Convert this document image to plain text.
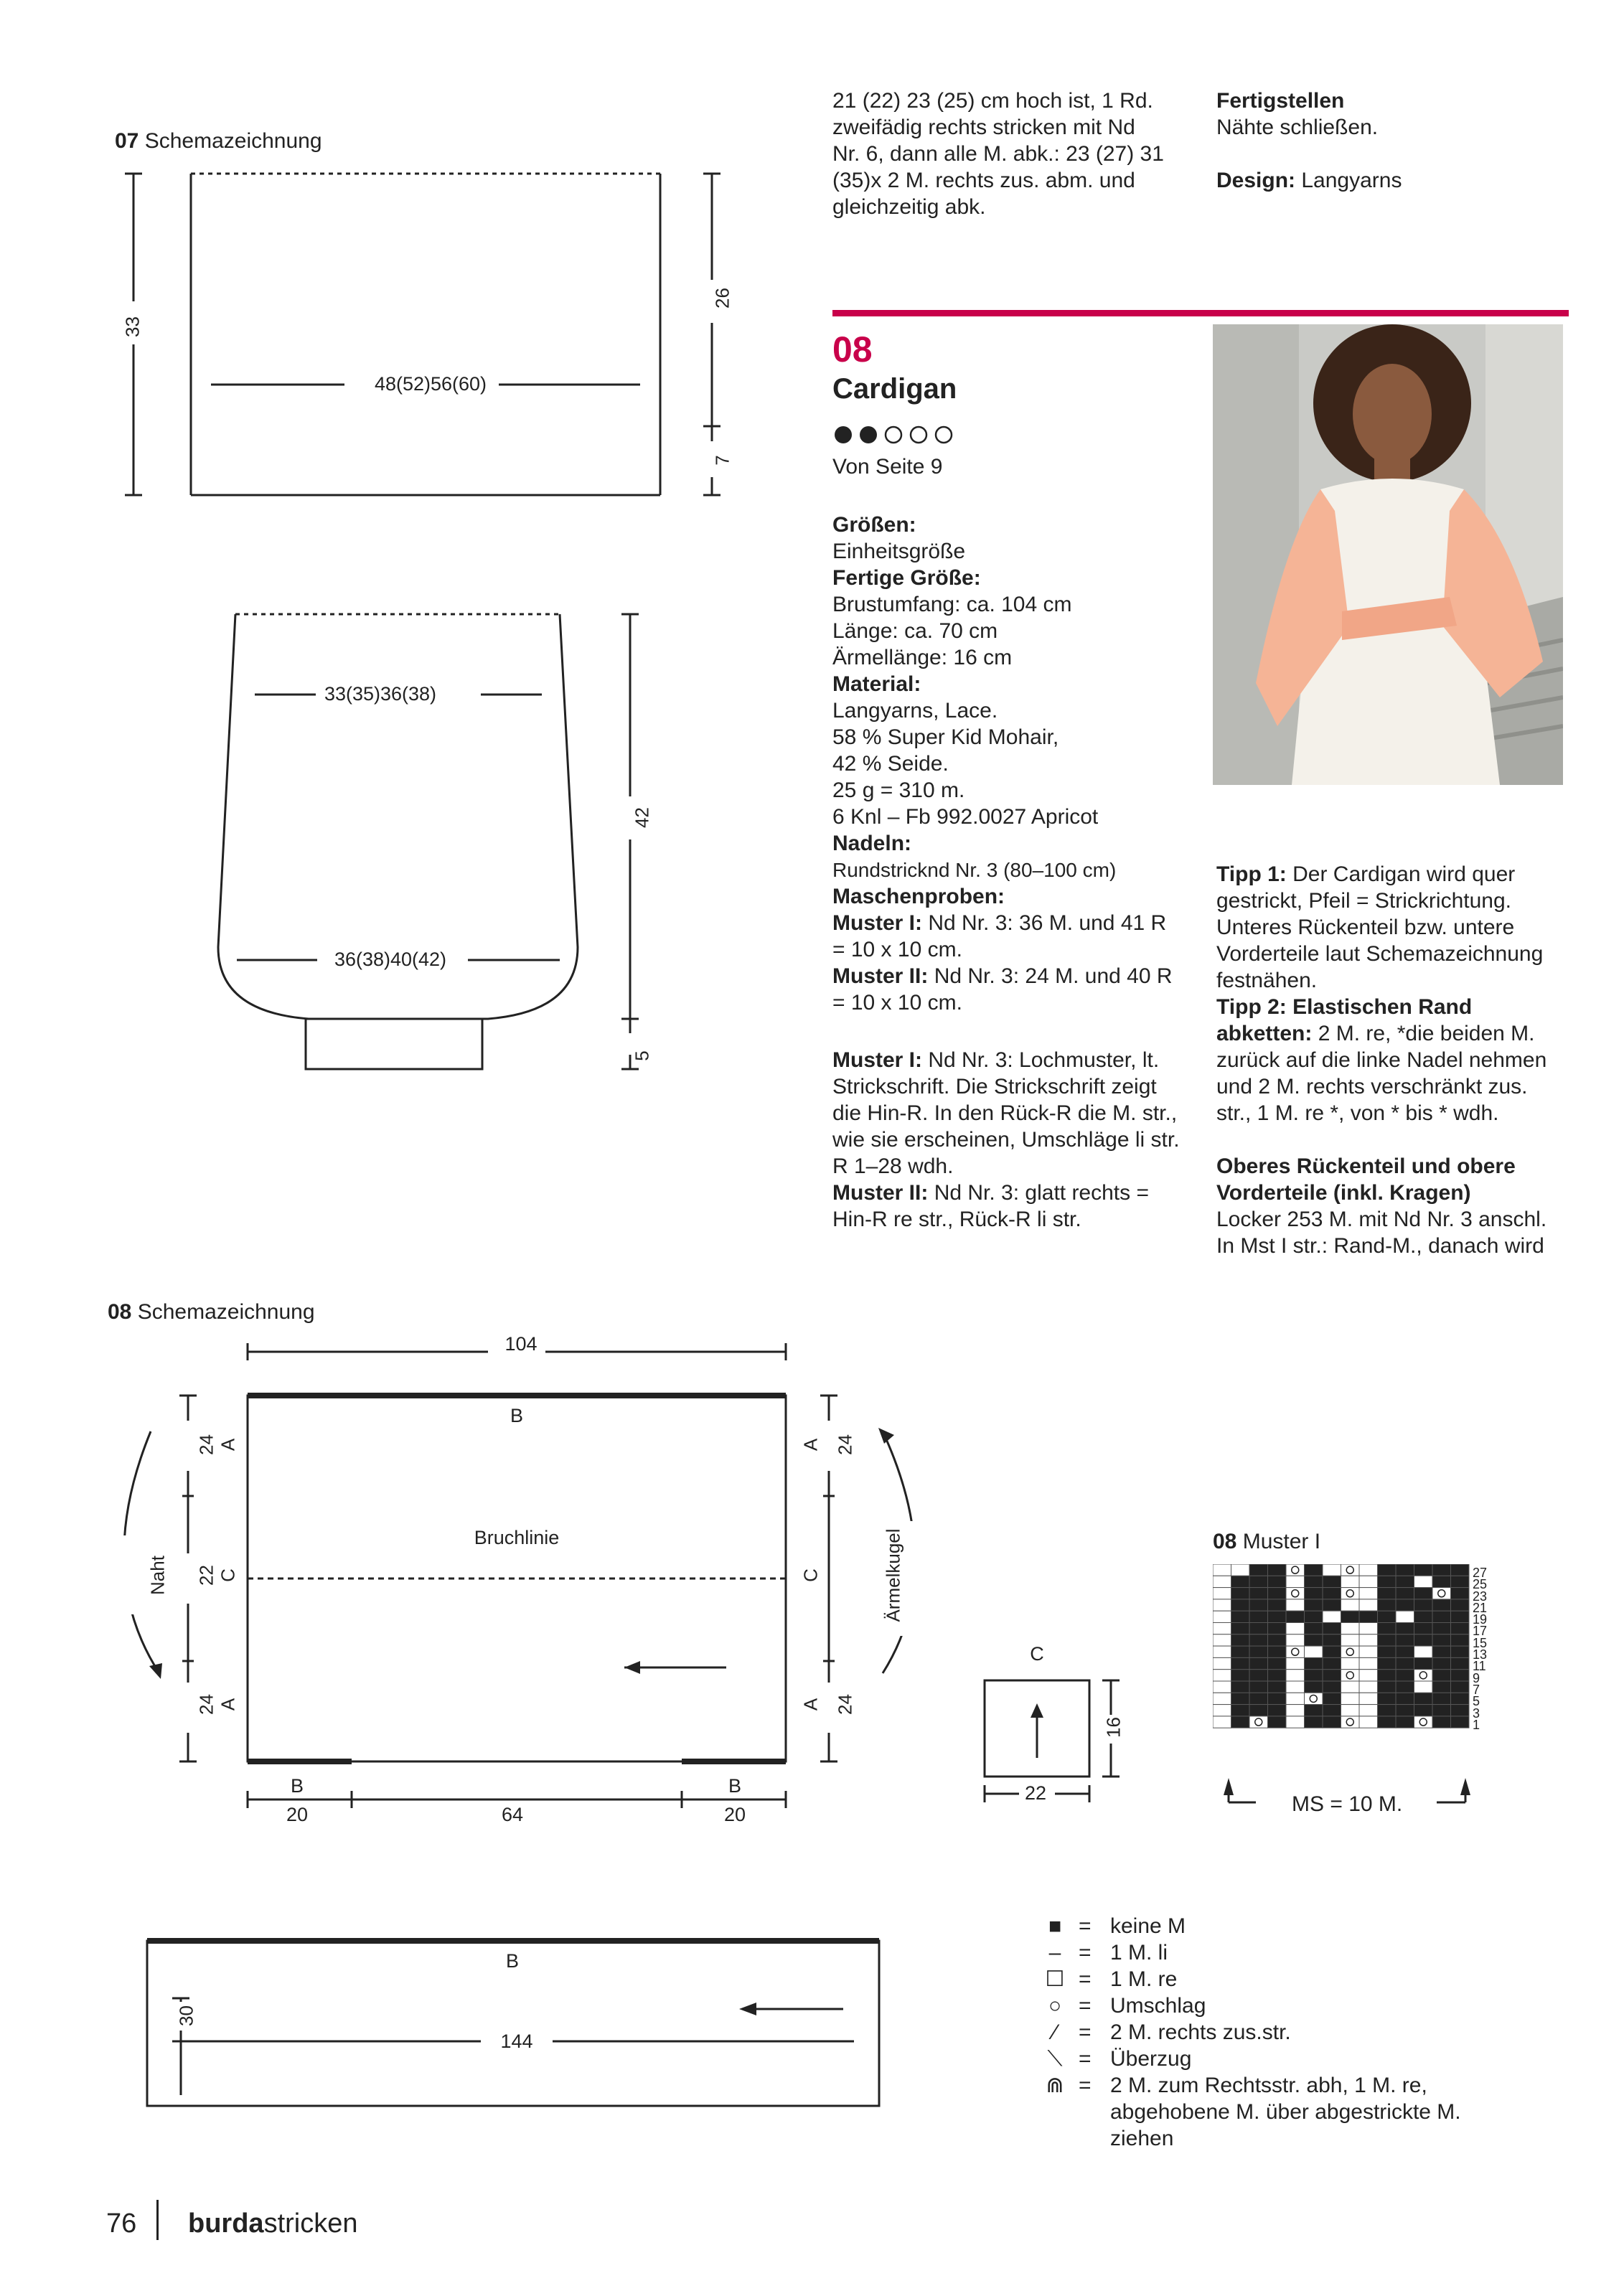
07 Schemazeichnung
33
48(52)56(60)
26
7
33(35)36(38)
36(38)40(42)
42
5
21 (22) 23 (25) cm hoch ist, 1 Rd.
zweifädig rechts stricken mit Nd
Nr. 6, dann alle M. abk.: 23 (27) 31
(35)x 2 M. rechts zus. abm. und
gleichzeitig abk.
Fertigstellen
Nähte schließen.
Design: Langyarns
08
Cardigan
Von Seite 9
Größen:
Einheitsgröße
Fertige Größe:
Brustumfang: ca. 104 cm
Länge: ca. 70 cm
Ärmellänge: 16 cm
Material:
Langyarns, Lace.
58 % Super Kid Mohair,
42 % Seide.
25 g = 310 m.
6 Knl – Fb 992.0027 Apricot
Nadeln:
Rundstricknd Nr. 3 (80–100 cm)
Maschenproben:
Muster I: Nd Nr. 3: 36 M. und 41 R
= 10 x 10 cm.
Muster II: Nd Nr. 3: 24 M. und 40 R
= 10 x 10 cm.
Muster I: Nd Nr. 3: Lochmuster, lt.
Strickschrift. Die Strickschrift zeigt
die Hin-R. In den Rück-R die M. str.,
wie sie erscheinen, Umschläge li str.
R 1–28 wdh.
Muster II: Nd Nr. 3: glatt rechts =
Hin-R re str., Rück-R li str.
Tipp 1: Der Cardigan wird quer
gestrickt, Pfeil = Strickrichtung.
Unteres Rückenteil bzw. untere
Vorderteile laut Schemazeichnung
festnähen.
Tipp 2: Elastischen Rand
abketten: 2 M. re, *die beiden M.
zurück auf die linke Nadel nehmen
und 2 M. rechts verschränkt zus.
str., 1 M. re *, von * bis * wdh.
Oberes Rückenteil und obere
Vorderteile (inkl. Kragen)
Locker 253 M. mit Nd Nr. 3 anschl.
In Mst I str.: Rand-M., danach wird
08 Schemazeichnung
104
B
Bruchlinie
24 A
22 C
24 A
A 24
C
A 24
Naht	Ärmelkugel
B	B
20	64	20
C
16
22
B
144
30
08 Muster I
27
25
23
21
19
17
15
13
11
9
7
5
3
1
MS = 10 M.
■ = keine M
– = 1 M. li
☐ = 1 M. re
○ = Umschlag
⁄ = 2 M. rechts zus.str.
⟍ = Überzug
⋒ = 2 M. zum Rechtsstr. abh, 1 M. re,
abgehobene M. über abgestrickte M.
ziehen
76 burdastricken
